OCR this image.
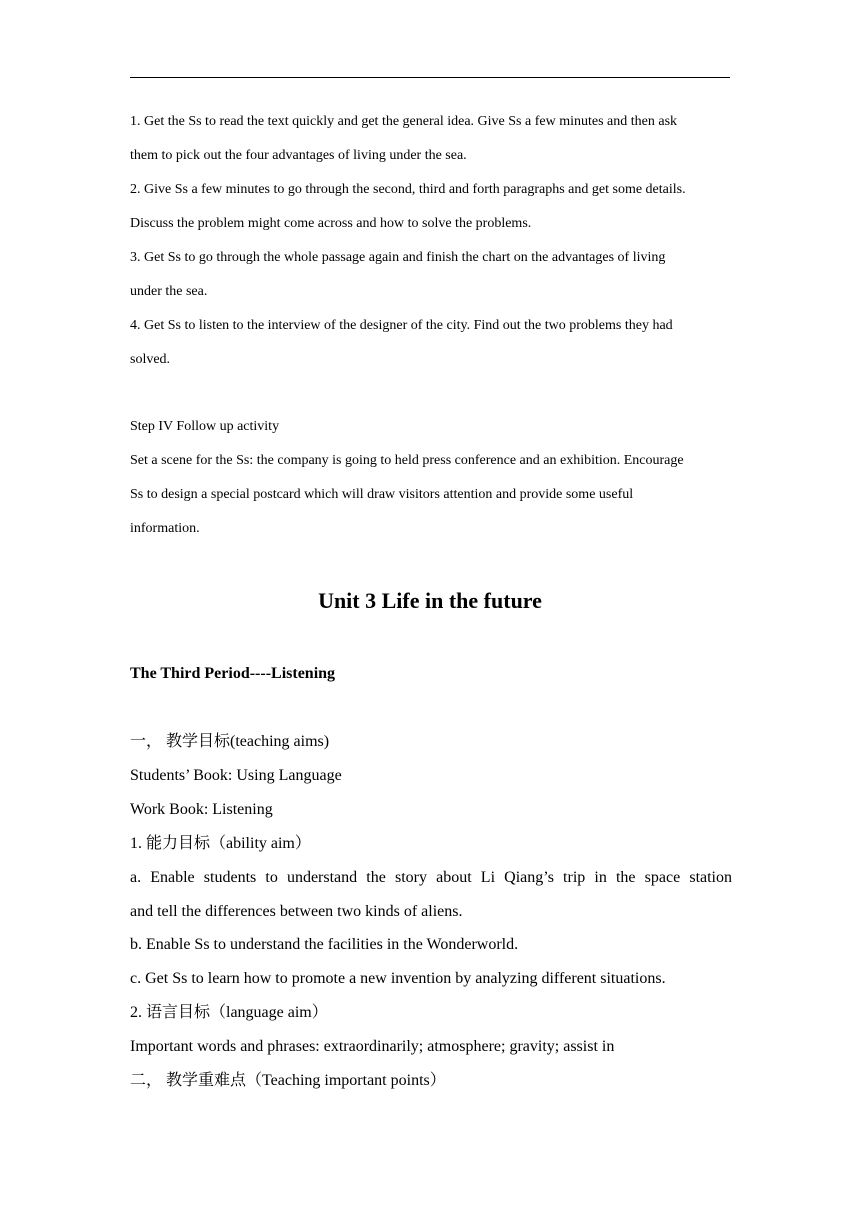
1. Get the Ss to read the text quickly and get the general idea. Give Ss a few minutes and then ask
them to pick out the four advantages of living under the sea.
2. Give Ss a few minutes to go through the second, third and forth paragraphs and get some details.
Discuss the problem might come across and how to solve the problems.
3. Get Ss to go through the whole passage again and finish the chart on the advantages of living
under the sea.
4. Get Ss to listen to the interview of the designer of the city. Find out the two problems they had
solved.
Step IV Follow up activity
Set a scene for the Ss: the company is going to held press conference and an exhibition. Encourage
Ss to design a special postcard which will draw visitors attention and provide some useful
information.
Unit 3 Life in the future
The Third Period----Listening
一， 教学目标(teaching aims)
Students’ Book: Using Language
Work Book: Listening
1. 能力目标（ability aim）
a. Enable students to understand the story about Li Qiang’s trip in the space station
and tell the differences between two kinds of aliens.
b. Enable Ss to understand the facilities in the Wonderworld.
c. Get Ss to learn how to promote a new invention by analyzing different situations.
2. 语言目标（language aim）
Important words and phrases: extraordinarily; atmosphere; gravity; assist in
二， 教学重难点（Teaching important points）
